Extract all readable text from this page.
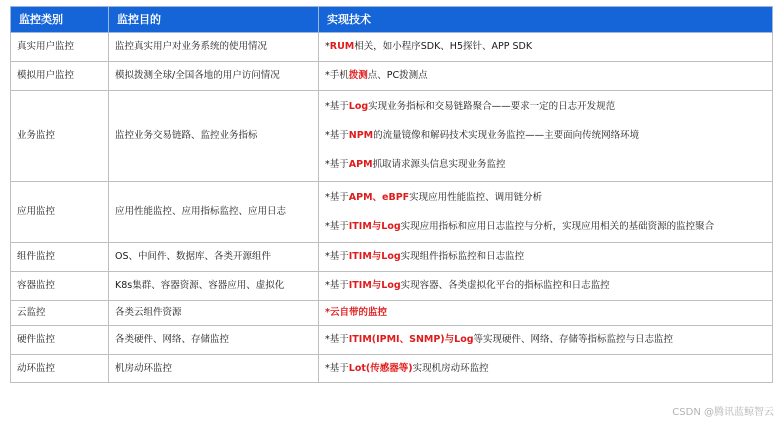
监控类别	监控目的	实现技术
真实用户监控	监控真实用户对业务系统的使用情况	*RUM相关，如小程序SDK、H5探针、APP SDK

模拟用户监控	模拟拨测全球/全国各地的用户访问情况	*手机拨测点、PC拨测点

业务监控	监控业务交易链路、监控业务指标	*基于Log实现业务指标和交易链路聚合——要求一定的日志开发规范
*基于NPM的流量镜像和解码技术实现业务监控——主要面向传统网络环境
*基于APM抓取请求源头信息实现业务监控

应用监控	应用性能监控、应用指标监控、应用日志	*基于APM、eBPF实现应用性能监控、调用链分析
*基于ITIM与Log实现应用指标和应用日志监控与分析，实现应用相关的基础资源的监控聚合

组件监控	OS、中间件、数据库、各类开源组件	*基于ITIM与Log实现组件指标监控和日志监控

容器监控	K8s集群、容器资源、容器应用、虚拟化	*基于ITIM与Log实现容器、各类虚拟化平台的指标监控和日志监控

云监控	各类云组件资源	*云自带的监控

硬件监控	各类硬件、网络、存储监控	*基于ITIM(IPMI、SNMP)与Log等实现硬件、网络、存储等指标监控与日志监控

动环监控	机房动环监控	*基于Lot(传感器等)实现机房动环监控
CSDN @腾讯蓝鲸智云
